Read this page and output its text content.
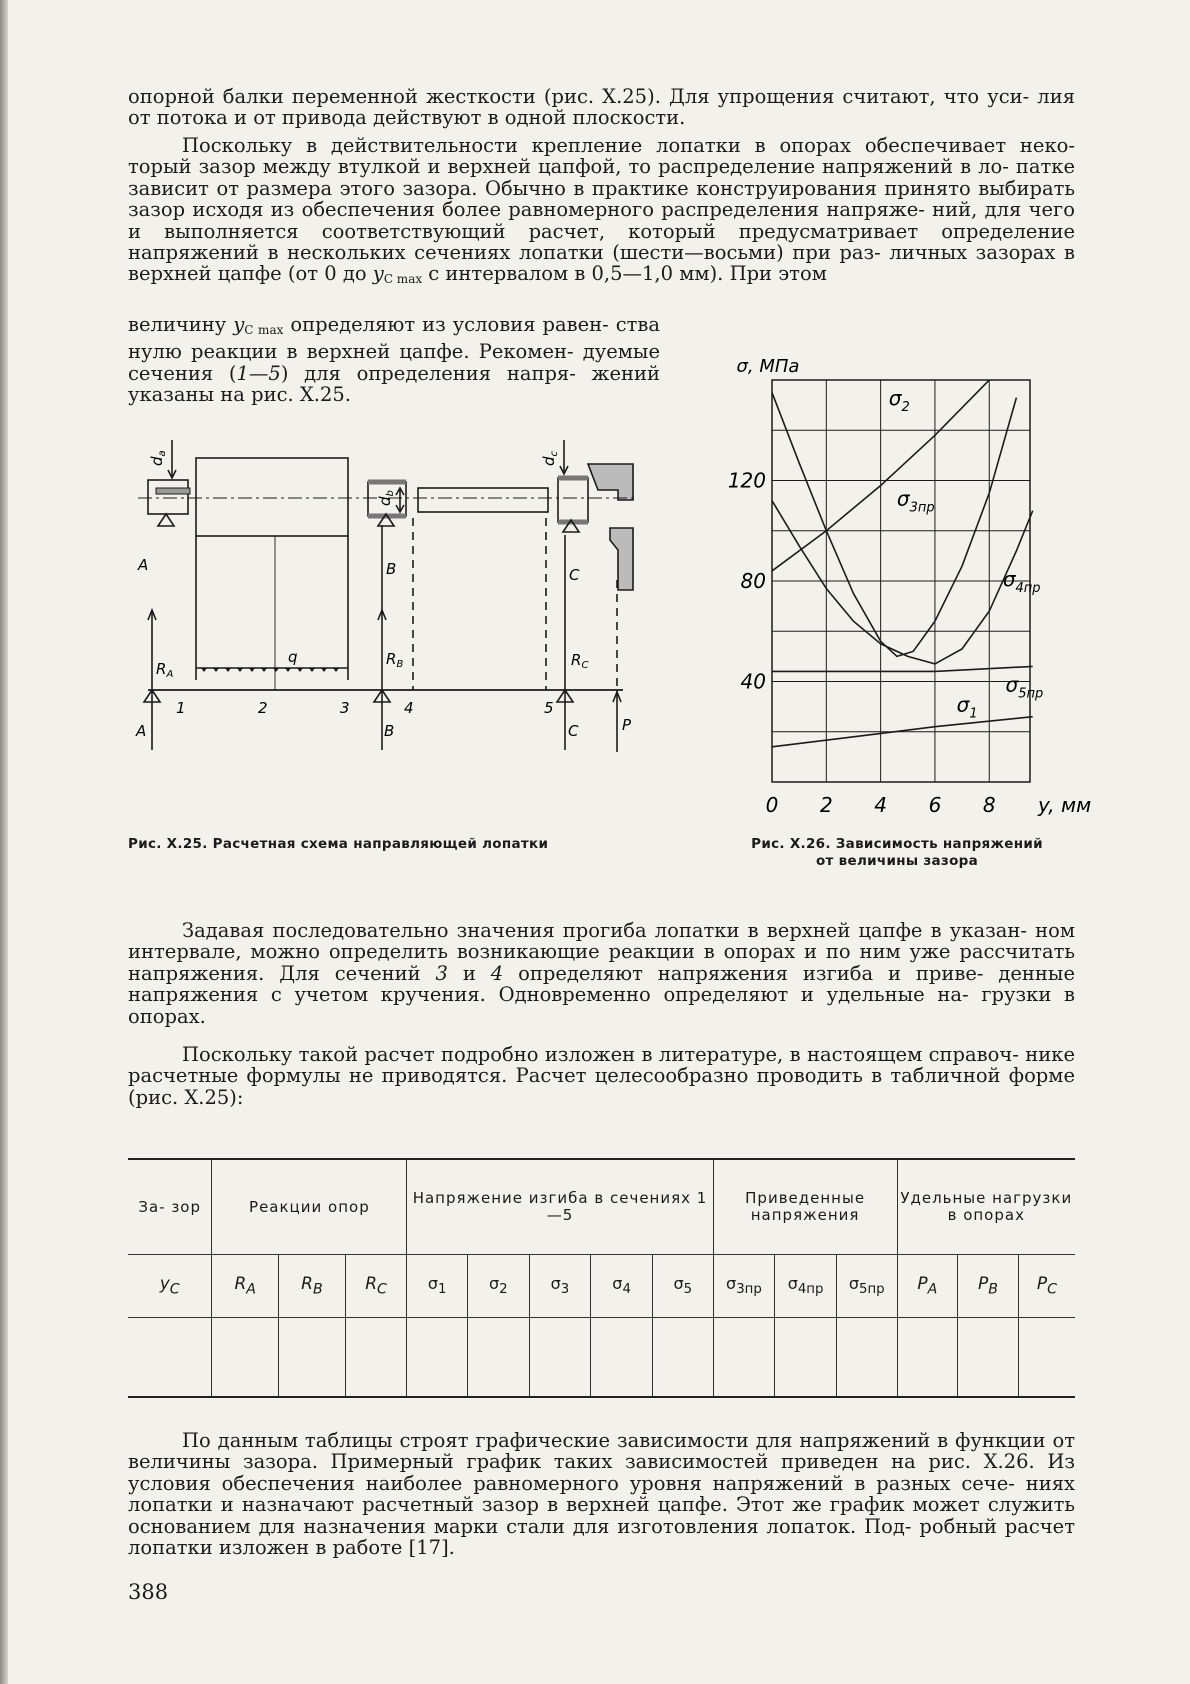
опорной балки переменной жесткости (рис. X.25). Для упрощения считают, что уси- лия от потока и от привода действуют в одной плоскости.

Поскольку в действительности крепление лопатки в опорах обеспечивает неко- торый зазор между втулкой и верхней цапфой, то распределение напряжений в ло- патке зависит от размера этого зазора. Обычно в практике конструирования принято выбирать зазор исходя из обеспечения более равномерного распределения напряже- ний, для чего и выполняется соответствующий расчет, который предусматривает определение напряжений в нескольких сечениях лопатки (шести—восьми) при раз- личных зазорах в верхней цапфе (от 0 до $y_{C max}$ с интервалом в 0,5—1,0 мм). При этом

величину $y_{C max}$ определяют из условия равен- ства нулю реакции в верхней цапфе. Рекомен- дуемые сечения (1—5) для определения напря- жений указаны на рис. X.25.

$d_a$
$d_b$
$d_c$
A	B	C
$R_A$
$R_B$	$R_C$
q
A	B	C	P
1	2	3	4	5
0 2 4 6 8
40
80
120
σ, МПа
y, мм
$\sigma_2$
$\sigma_{3пр}$
$\sigma_{4пр}$
$\sigma_{5пр}$
$\sigma_1$

Рис. X.25. Расчетная схема направляющей лопатки	Рис. X.26. Зависимость напряжений
от величины зазора

Задавая последовательно значения прогиба лопатки в верхней цапфе в указан- ном интервале, можно определить возникающие реакции в опорах и по ним уже рассчитать напряжения. Для сечений 3 и 4 определяют напряжения изгиба и приве- денные напряжения с учетом кручения. Одновременно определяют и удельные на- грузки в опорах.

Поскольку такой расчет подробно изложен в литературе, в настоящем справоч- нике расчетные формулы не приводятся. Расчет целесообразно проводить в табличной форме (рис. X.25):

За- зор	Реакции опор			Напряжение изгиба в сечениях 1—5					Приведенные напряжения			Удельные нагрузки в опорах		
$y_C$	$R_A$	$R_B$	$R_C$	$\sigma_1$	$\sigma_2$	$\sigma_3$	$\sigma_4$	$\sigma_5$	$\sigma_{3пр}$	$\sigma_{4пр}$	$\sigma_{5пр}$	$P_A$	$P_B$	$P_C$

По данным таблицы строят графические зависимости для напряжений в функции от величины зазора. Примерный график таких зависимостей приведен на рис. X.26. Из условия обеспечения наиболее равномерного уровня напряжений в разных сече- ниях лопатки и назначают расчетный зазор в верхней цапфе. Этот же график может служить основанием для назначения марки стали для изготовления лопаток. Под- робный расчет лопатки изложен в работе [17].

388
